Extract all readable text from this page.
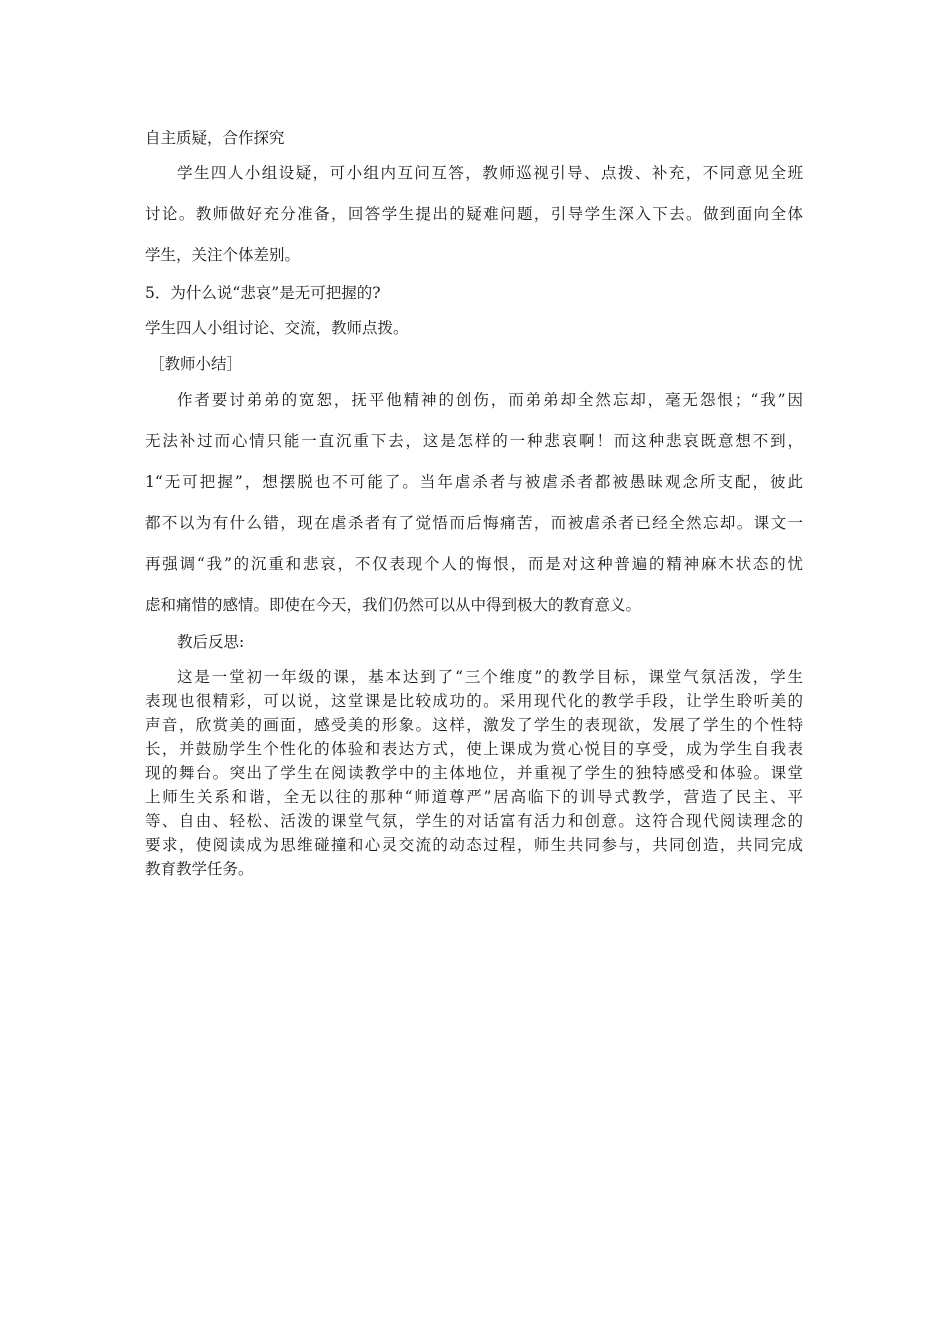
自主质疑，合作探究
学生四人小组设疑，可小组内互问互答，教师巡视引导、点拨、补充，不同意见全班
讨论。教师做好充分准备，回答学生提出的疑难问题，引导学生深入下去。做到面向全体
学生，关注个体差别。
5．为什么说“悲哀”是无可把握的?
学生四人小组讨论、交流，教师点拨。
［教师小结］
作者要讨弟弟的宽恕，抚平他精神的创伤，而弟弟却全然忘却，毫无怨恨；“我”因
无法补过而心情只能一直沉重下去，这是怎样的一种悲哀啊！而这种悲哀既意想不到，
1“无可把握”，想摆脱也不可能了。当年虐杀者与被虐杀者都被愚昧观念所支配，彼此
都不以为有什么错，现在虐杀者有了觉悟而后悔痛苦，而被虐杀者已经全然忘却。课文一
再强调“我”的沉重和悲哀，不仅表现个人的悔恨，而是对这种普遍的精神麻木状态的忧
虑和痛惜的感情。即使在今天，我们仍然可以从中得到极大的教育意义。
教后反思:
这是一堂初一年级的课，基本达到了“三个维度”的教学目标，课堂气氛活泼，学生
表现也很精彩，可以说，这堂课是比较成功的。采用现代化的教学手段，让学生聆听美的
声音，欣赏美的画面，感受美的形象。这样，激发了学生的表现欲，发展了学生的个性特
长，并鼓励学生个性化的体验和表达方式，使上课成为赏心悦目的享受，成为学生自我表
现的舞台。突出了学生在阅读教学中的主体地位，并重视了学生的独特感受和体验。课堂
上师生关系和谐，全无以往的那种“师道尊严”居高临下的训导式教学，营造了民主、平
等、自由、轻松、活泼的课堂气氛，学生的对话富有活力和创意。这符合现代阅读理念的
要求，使阅读成为思维碰撞和心灵交流的动态过程，师生共同参与，共同创造，共同完成
教育教学任务。
